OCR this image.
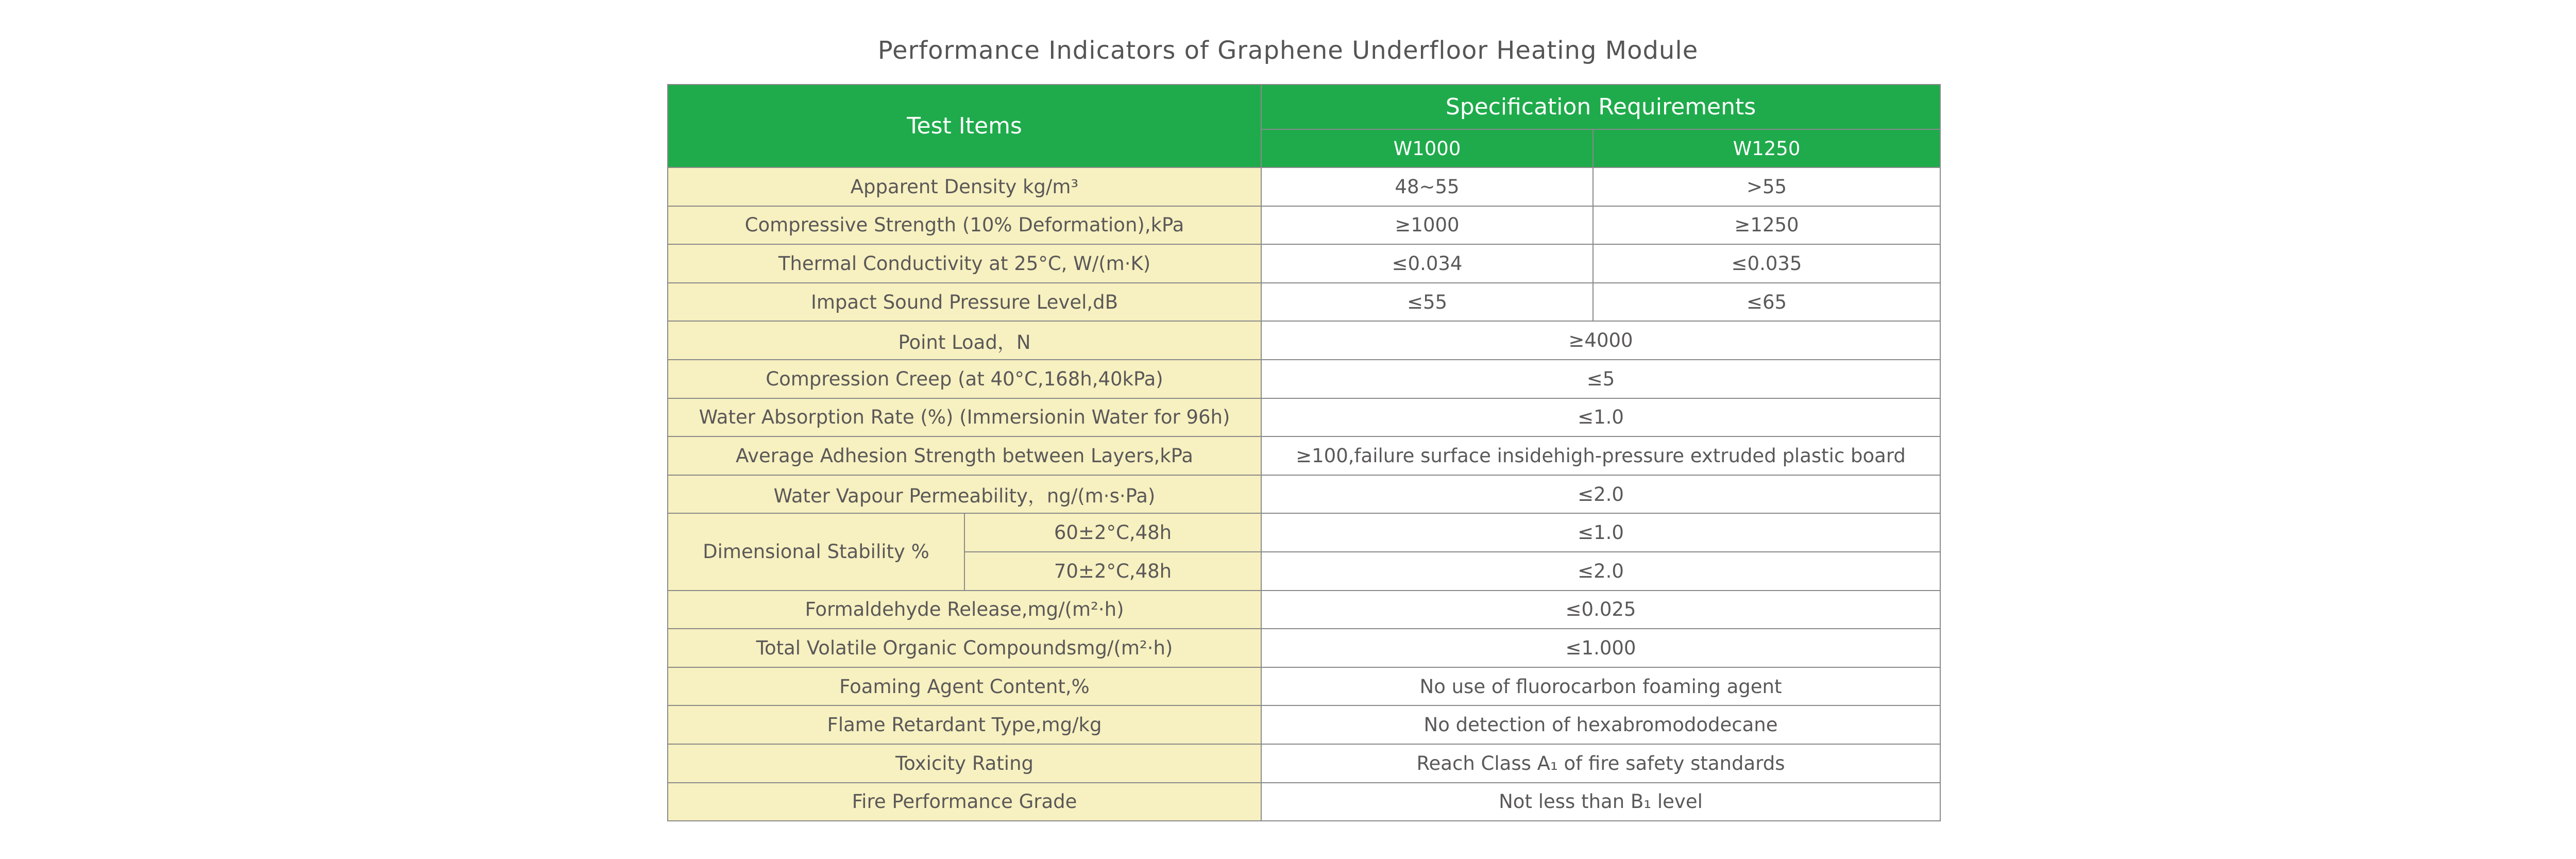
Performance Indicators of Graphene Underfloor Heating Module
Test Items		Specification Requirements	
		W1000	W1250
Apparent Density kg/m³		48~55	>55
Compressive Strength (10% Deformation),kPa		≥1000	≥1250
Thermal Conductivity at 25°C, W/(m·K)		≤0.034	≤0.035
Impact Sound Pressure Level,dB		≤55	≤65
Point Load，N		≥4000	
Compression Creep (at 40°C,168h,40kPa)		≤5	
Water Absorption Rate (%) (Immersionin Water for 96h)		≤1.0	
Average Adhesion Strength between Layers,kPa		≥100,failure surface insidehigh-pressure extruded plastic board	
Water Vapour Permeability，ng/(m·s·Pa)		≤2.0	
Dimensional Stability %	60±2°C,48h	≤1.0	
	70±2°C,48h	≤2.0	
Formaldehyde Release,mg/(m²·h)		≤0.025	
Total Volatile Organic Compoundsmg/(m²·h)		≤1.000	
Foaming Agent Content,%		No use of fluorocarbon foaming agent	
Flame Retardant Type,mg/kg		No detection of hexabromododecane	
Toxicity Rating		Reach Class A₁ of fire safety standards	
Fire Performance Grade		Not less than B₁ level	
